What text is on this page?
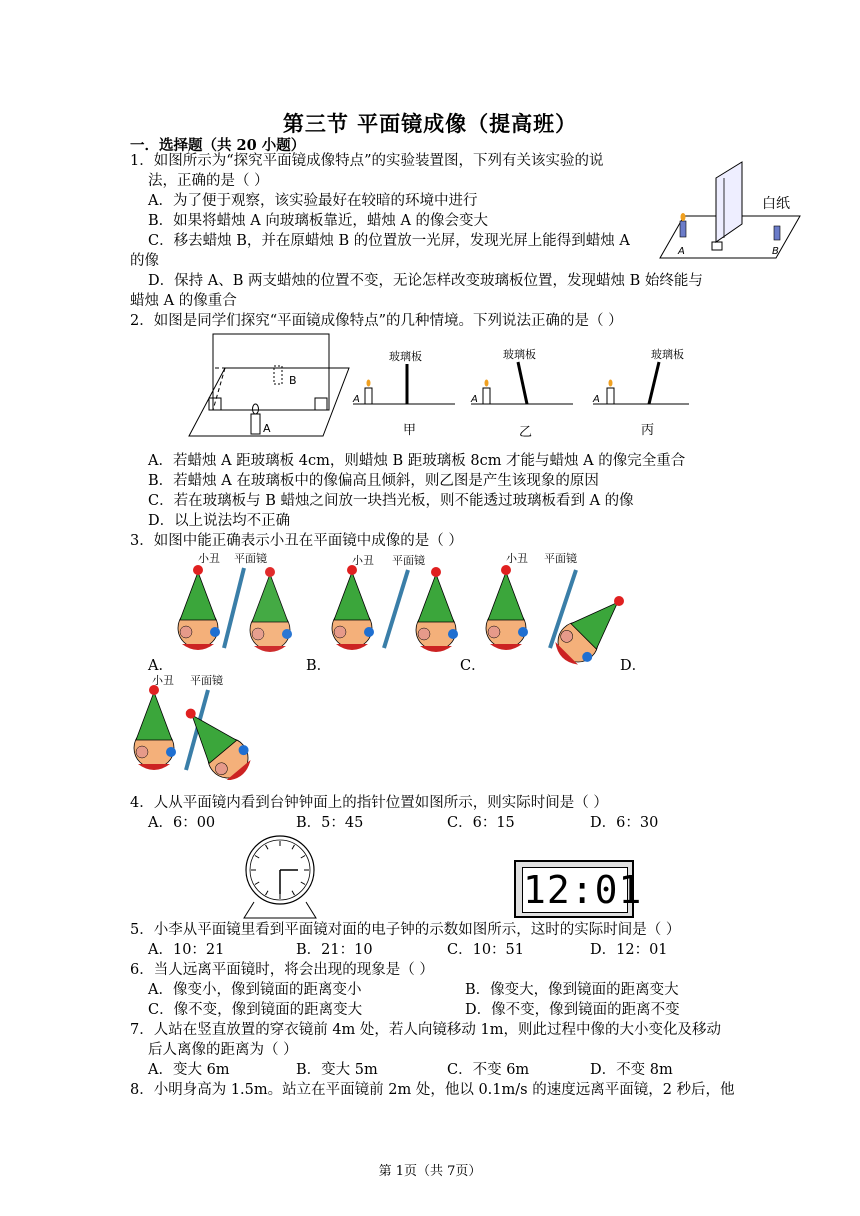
第三节 平面镜成像（提高班）
一．选择题（共 20 小题）
1．如图所示为“探究平面镜成像特点”的实验装置图，下列有关该实验的说
法，正确的是（ ）
A．为了便于观察，该实验最好在较暗的环境中进行
B．如果将蜡烛 A 向玻璃板靠近，蜡烛 A 的像会变大
C．移去蜡烛 B，并在原蜡烛 B 的位置放一光屏，发现光屏上能得到蜡烛 A
的像
D．保持 A、B 两支蜡烛的位置不变，无论怎样改变玻璃板位置，发现蜡烛 B 始终能与
蜡烛 A 的像重合
A	B
白纸
2．如图是同学们探究“平面镜成像特点”的几种情境。下列说法正确的是（ ）
B
A
A
玻璃板
甲
A
玻璃板
乙
A
玻璃板
丙
A．若蜡烛 A 距玻璃板 4cm，则蜡烛 B 距玻璃板 8cm 才能与蜡烛 A 的像完全重合
B．若蜡烛 A 在玻璃板中的像偏高且倾斜，则乙图是产生该现象的原因
C．若在玻璃板与 B 蜡烛之间放一块挡光板，则不能透过玻璃板看到 A 的像
D．以上说法均不正确
3．如图中能正确表示小丑在平面镜中成像的是（ ）
小丑 平面镜	小丑 平面镜	小丑 平面镜
A．	B．	C．	D．
小丑 平面镜
4．人从平面镜内看到台钟钟面上的指针位置如图所示，则实际时间是（ ）
A．6：00	B．5：45	C．6：15	D．6：30
12:01
5．小李从平面镜里看到平面镜对面的电子钟的示数如图所示，这时的实际时间是（ ）
A．10：21	B．21：10	C．10：51	D．12：01
6．当人远离平面镜时，将会出现的现象是（ ）
A．像变小，像到镜面的距离变小	B．像变大，像到镜面的距离变大
C．像不变，像到镜面的距离变大	D．像不变，像到镜面的距离不变
7．人站在竖直放置的穿衣镜前 4m 处，若人向镜移动 1m，则此过程中像的大小变化及移动
后人离像的距离为（ ）
A．变大 6m	B．变大 5m	C．不变 6m	D．不变 8m
8．小明身高为 1.5m。站立在平面镜前 2m 处，他以 0.1m/s 的速度远离平面镜，2 秒后，他
第 1页（共 7页）
